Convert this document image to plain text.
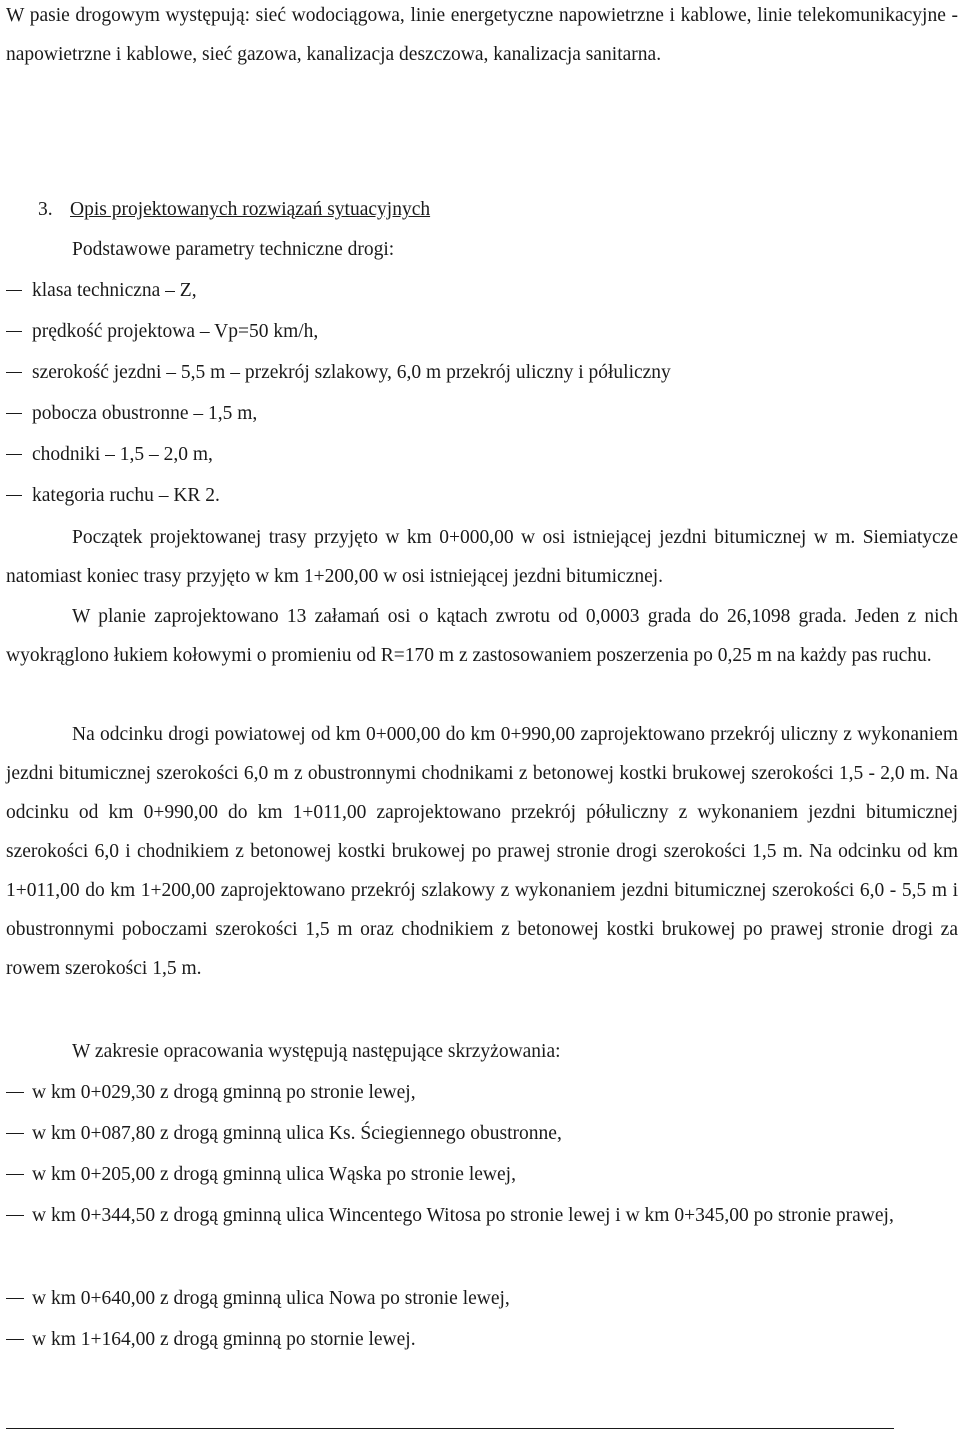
W pasie drogowym występują: sieć wodociągowa, linie energetyczne napowietrzne i kablowe, linie telekomunikacyjne - napowietrzne i kablowe, sieć gazowa, kanalizacja deszczowa, kanalizacja sanitarna.

3. Opis projektowanych rozwiązań sytuacyjnych

Podstawowe parametry techniczne drogi:

klasa techniczna – Z,
prędkość projektowa – Vp=50 km/h,
szerokość jezdni – 5,5 m – przekrój szlakowy, 6,0 m przekrój uliczny i półuliczny
pobocza obustronne – 1,5 m,
chodniki – 1,5 – 2,0 m,
kategoria ruchu – KR 2.

Początek projektowanej trasy przyjęto w km 0+000,00 w osi istniejącej jezdni bitumicznej w m. Siemiatycze natomiast koniec trasy przyjęto w km 1+200,00 w osi istniejącej jezdni bitumicznej.

W planie zaprojektowano 13 załamań osi o kątach zwrotu od 0,0003 grada do 26,1098 grada. Jeden z nich wyokrąglono łukiem kołowymi o promieniu od R=170 m z zastosowaniem poszerzenia po 0,25 m na każdy pas ruchu.

Na odcinku drogi powiatowej od km 0+000,00 do km 0+990,00 zaprojektowano przekrój uliczny z wykonaniem jezdni bitumicznej szerokości 6,0 m z obustronnymi chodnikami z betonowej kostki brukowej szerokości 1,5 - 2,0 m. Na odcinku od km 0+990,00 do km 1+011,00 zaprojektowano przekrój półuliczny z wykonaniem jezdni bitumicznej szerokości 6,0 i chodnikiem z betonowej kostki brukowej po prawej stronie drogi szerokości 1,5 m. Na odcinku od km 1+011,00 do km 1+200,00 zaprojektowano przekrój szlakowy z wykonaniem jezdni bitumicznej szerokości 6,0 - 5,5 m i obustronnymi poboczami szerokości 1,5 m oraz chodnikiem z betonowej kostki brukowej po prawej stronie drogi za rowem szerokości 1,5 m.

W zakresie opracowania występują następujące skrzyżowania:

w km 0+029,30 z drogą gminną po stronie lewej,
w km 0+087,80 z drogą gminną ulica Ks. Ściegiennego obustronne,
w km 0+205,00 z drogą gminną ulica Wąska po stronie lewej,
w km 0+344,50 z drogą gminną ulica Wincentego Witosa po stronie lewej i w km 0+345,00 po stronie prawej,
w km 0+640,00 z drogą gminną ulica Nowa po stronie lewej,
w km 1+164,00 z drogą gminną po stornie lewej.
